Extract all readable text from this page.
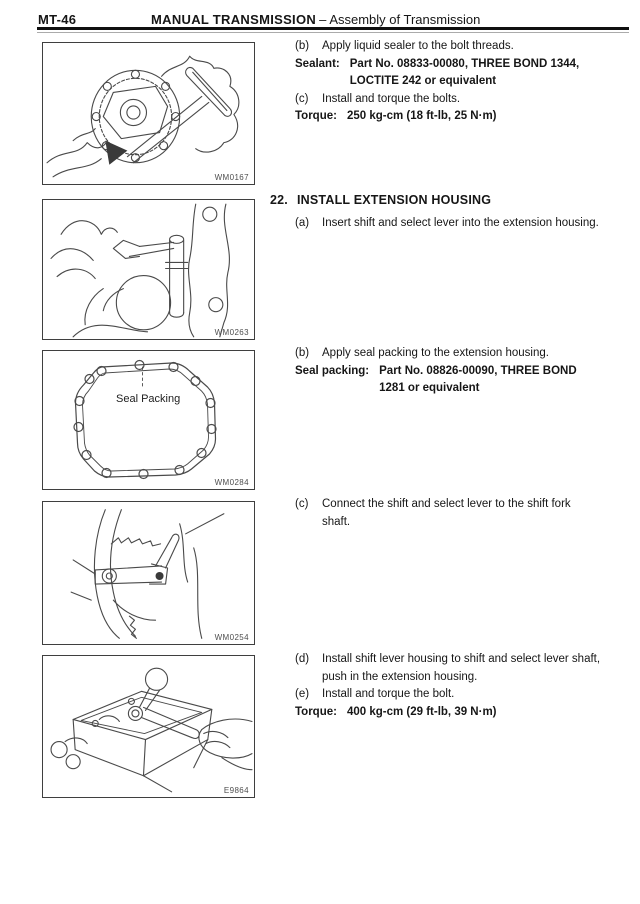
MT-46	MANUAL TRANSMISSION – Assembly of Transmission
WM0167
WM0263
Seal Packing
WM0284
WM0254
E9864
(b)	Apply liquid sealer to the bolt threads.
Sealant: Part No. 08833-00080, THREE BOND 1344,
LOCTITE 242 or equivalent
(c)	Install and torque the bolts.
Torque: 250 kg-cm (18 ft-lb, 25 N·m)
22. INSTALL EXTENSION HOUSING
(a)	Insert shift and select lever into the extension housing.
(b)	Apply seal packing to the extension housing.
Seal packing: Part No. 08826-00090, THREE BOND
1281 or equivalent
(c)	Connect the shift and select lever to the shift fork
shaft.
(d)	Install shift lever housing to shift and select lever shaft,
push in the extension housing.
(e)	Install and torque the bolt.
Torque: 400 kg-cm (29 ft-lb, 39 N·m)
